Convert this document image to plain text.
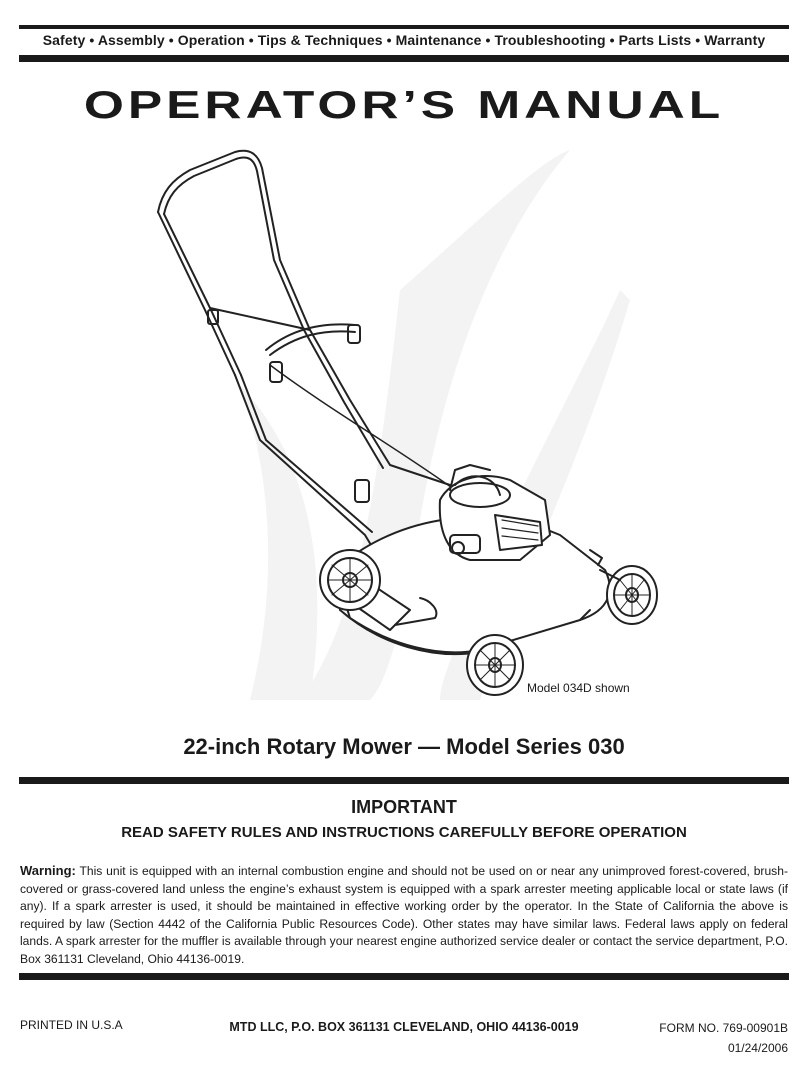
Safety • Assembly • Operation • Tips & Techniques • Maintenance • Troubleshooting • Parts Lists • Warranty
OPERATOR’S MANUAL
Model 034D shown
22-inch Rotary Mower — Model Series 030
IMPORTANT
READ SAFETY RULES AND INSTRUCTIONS CAREFULLY BEFORE OPERATION
Warning: This unit is equipped with an internal combustion engine and should not be used on or near any unimproved forest-covered, brush-covered or grass-covered land unless the engine’s exhaust system is equipped with a spark arrester meeting applicable local or state laws (if any). If a spark arrester is used, it should be maintained in effective working order by the operator. In the State of California the above is required by law (Section 4442 of the California Public Resources Code). Other states may have similar laws. Federal laws apply on federal lands. A spark arrester for the muffler is available through your nearest engine authorized service dealer or contact the service department, P.O. Box 361131 Cleveland, Ohio 44136-0019.
PRINTED IN U.S.A	MTD LLC, P.O. BOX 361131 CLEVELAND, OHIO 44136-0019	FORM NO. 769-00901B
01/24/2006
